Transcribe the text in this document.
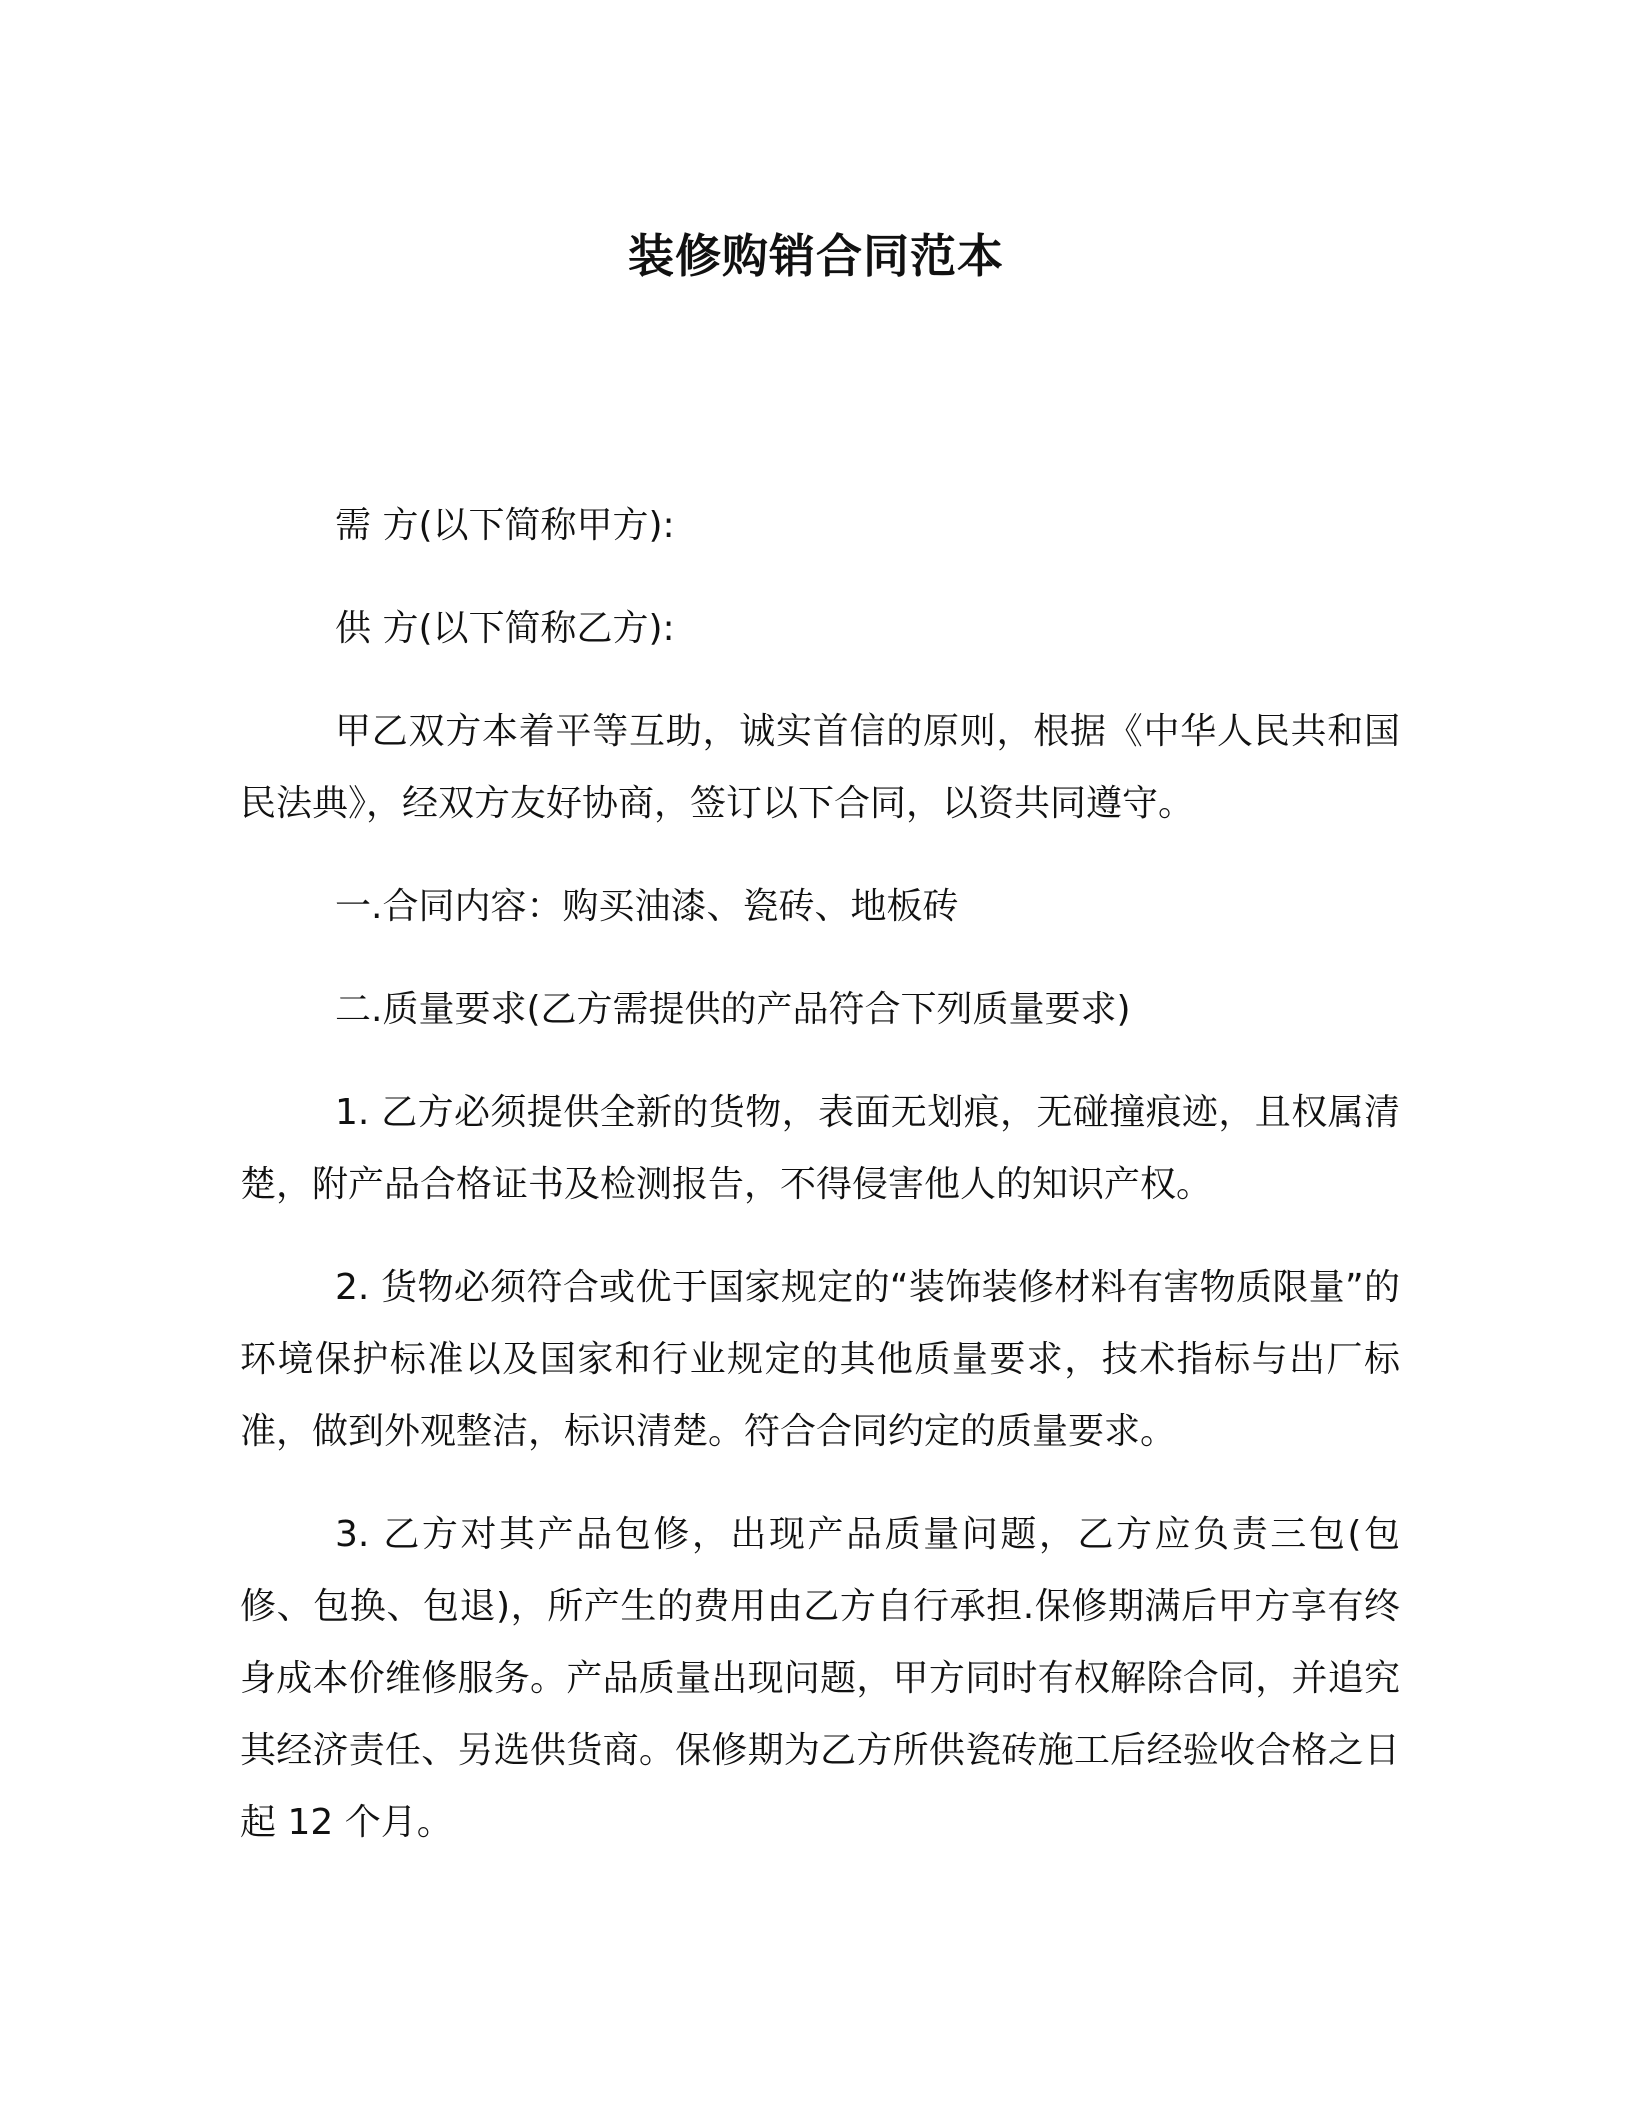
装修购销合同范本

需 方(以下简称甲方):

供 方(以下简称乙方):

甲乙双方本着平等互助，诚实首信的原则，根据《中华人民共和国民法典》，经双方友好协商，签订以下合同，以资共同遵守。

一.合同内容：购买油漆、瓷砖、地板砖

二.质量要求(乙方需提供的产品符合下列质量要求)

1. 乙方必须提供全新的货物，表面无划痕，无碰撞痕迹，且权属清楚，附产品合格证书及检测报告，不得侵害他人的知识产权。

2. 货物必须符合或优于国家规定的“装饰装修材料有害物质限量”的环境保护标准以及国家和行业规定的其他质量要求，技术指标与出厂标准，做到外观整洁，标识清楚。符合合同约定的质量要求。

3. 乙方对其产品包修，出现产品质量问题，乙方应负责三包(包修、包换、包退)，所产生的费用由乙方自行承担.保修期满后甲方享有终身成本价维修服务。产品质量出现问题，甲方同时有权解除合同，并追究其经济责任、另选供货商。保修期为乙方所供瓷砖施工后经验收合格之日起 12 个月。
